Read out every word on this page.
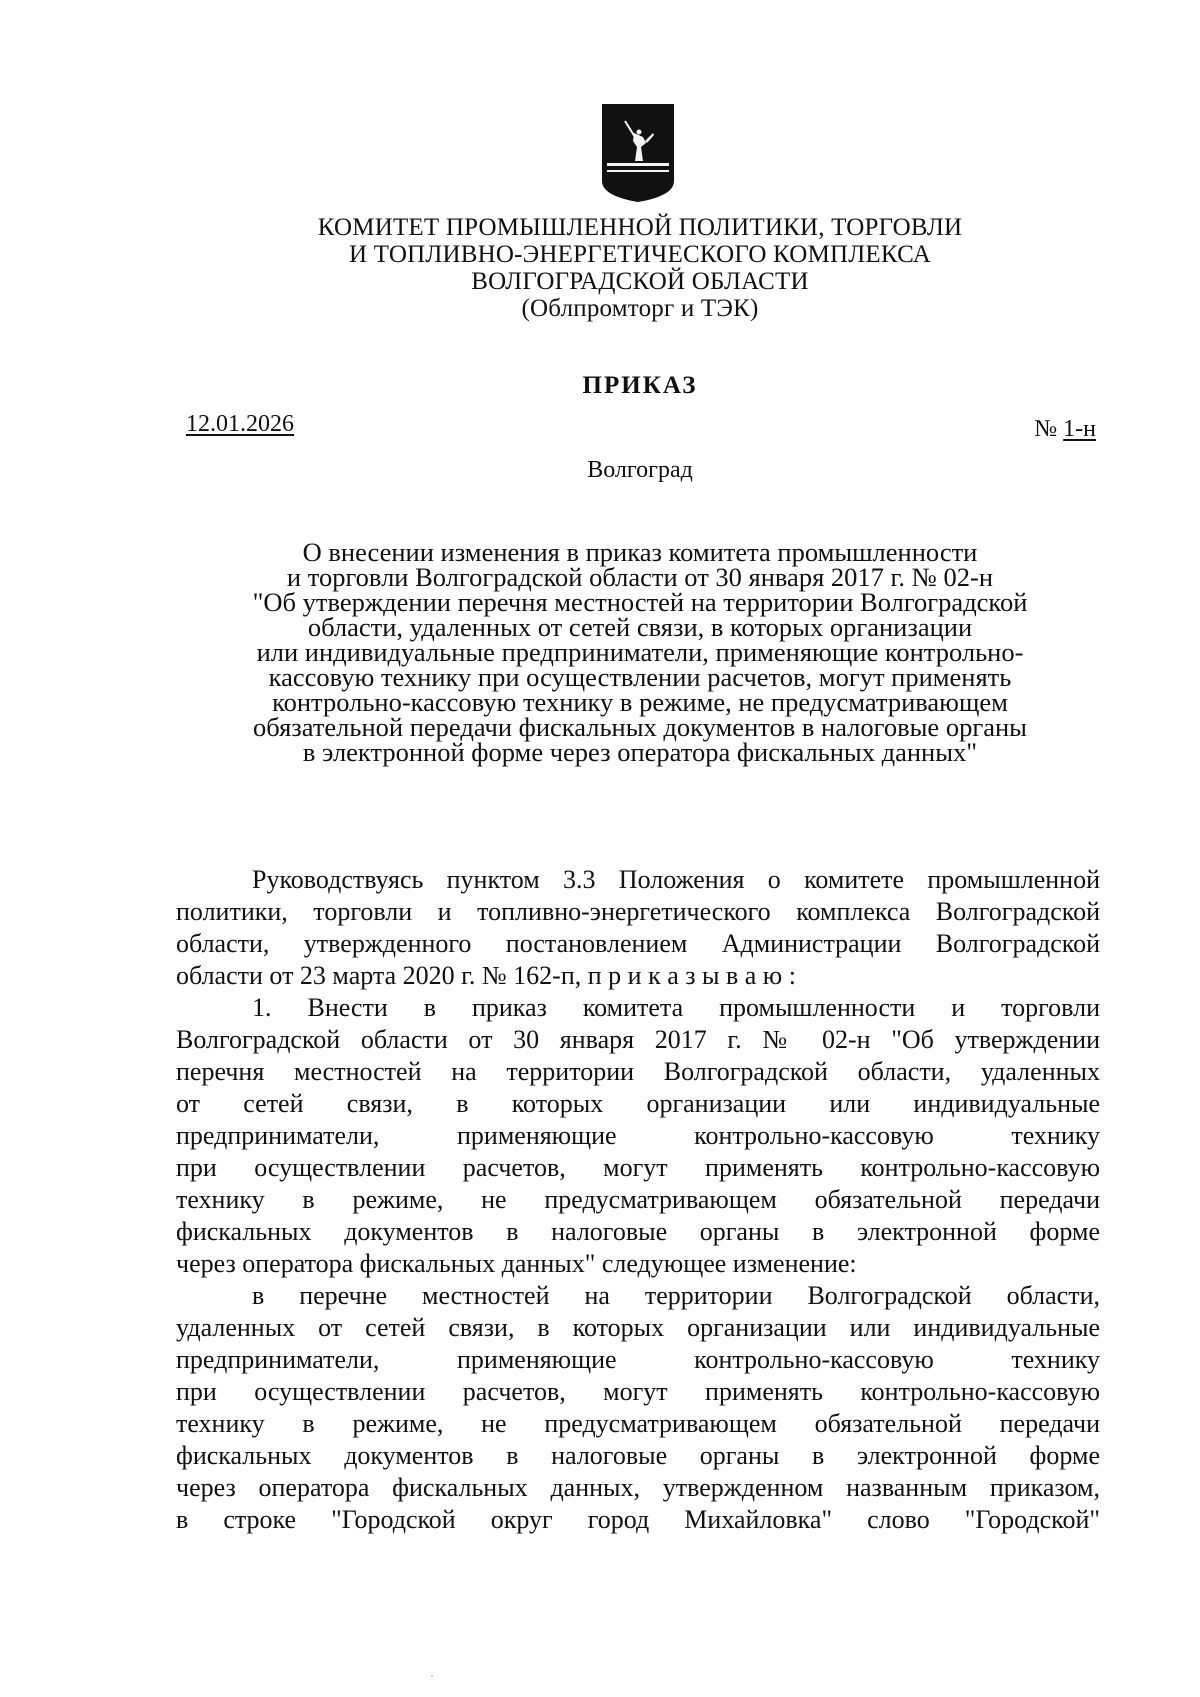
КОМИТЕТ ПРОМЫШЛЕННОЙ ПОЛИТИКИ, ТОРГОВЛИ
И ТОПЛИВНО-ЭНЕРГЕТИЧЕСКОГО КОМПЛЕКСА
ВОЛГОГРАДСКОЙ ОБЛАСТИ
(Облпромторг и ТЭК)
ПРИКАЗ
12.01.2026	№ 1-н
Волгоград
О внесении изменения в приказ комитета промышленности
и торговли Волгоградской области от 30 января 2017 г. № 02-н
"Об утверждении перечня местностей на территории Волгоградской
области, удаленных от сетей связи, в которых организации
или индивидуальные предприниматели, применяющие контрольно-
кассовую технику при осуществлении расчетов, могут применять
контрольно-кассовую технику в режиме, не предусматривающем
обязательной передачи фискальных документов в налоговые органы
в электронной форме через оператора фискальных данных"
Руководствуясь пунктом 3.3 Положения о комитете промышленной
политики, торговли и топливно-энергетического комплекса Волгоградской
области, утвержденного постановлением Администрации Волгоградской
области от 23 марта 2020 г. № 162-п, п р и к а з ы в а ю :
1. Внести в приказ комитета промышленности и торговли
Волгоградской области от 30 января 2017 г. № 02-н "Об утверждении
перечня местностей на территории Волгоградской области, удаленных
от сетей связи, в которых организации или индивидуальные
предприниматели, применяющие контрольно-кассовую технику
при осуществлении расчетов, могут применять контрольно-кассовую
технику в режиме, не предусматривающем обязательной передачи
фискальных документов в налоговые органы в электронной форме
через оператора фискальных данных" следующее изменение:
в перечне местностей на территории Волгоградской области,
удаленных от сетей связи, в которых организации или индивидуальные
предприниматели, применяющие контрольно-кассовую технику
при осуществлении расчетов, могут применять контрольно-кассовую
технику в режиме, не предусматривающем обязательной передачи
фискальных документов в налоговые органы в электронной форме
через оператора фискальных данных, утвержденном названным приказом,
в строке "Городской округ город Михайловка" слово "Городской"
